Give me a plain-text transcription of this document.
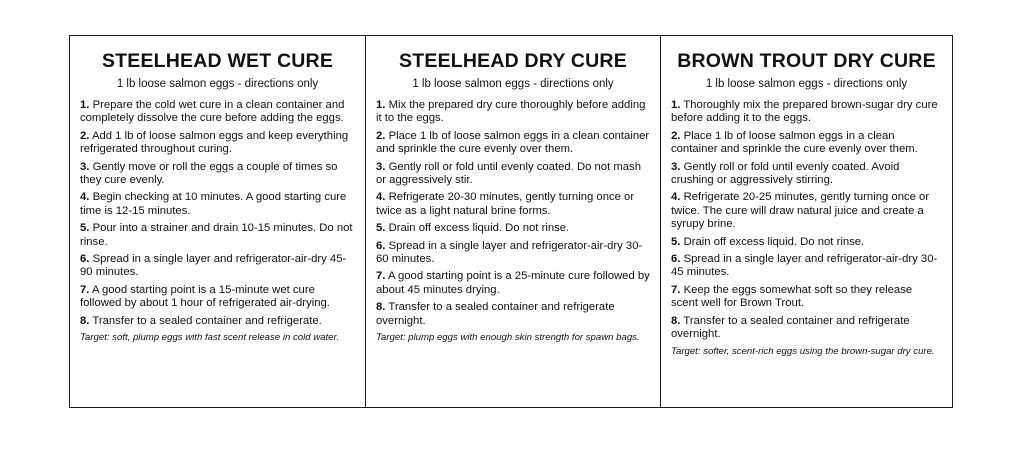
STEELHEAD WET CURE
1 lb loose salmon eggs - directions only
1. Prepare the cold wet cure in a clean container and completely dissolve the cure before adding the eggs.
2. Add 1 lb of loose salmon eggs and keep everything refrigerated throughout curing.
3. Gently move or roll the eggs a couple of times so they cure evenly.
4. Begin checking at 10 minutes. A good starting cure time is 12-15 minutes.
5. Pour into a strainer and drain 10-15 minutes. Do not rinse.
6. Spread in a single layer and refrigerator-air-dry 45-90 minutes.
7. A good starting point is a 15-minute wet cure followed by about 1 hour of refrigerated air-drying.
8. Transfer to a sealed container and refrigerate.
Target: soft, plump eggs with fast scent release in cold water.
STEELHEAD DRY CURE
1 lb loose salmon eggs - directions only
1. Mix the prepared dry cure thoroughly before adding it to the eggs.
2. Place 1 lb of loose salmon eggs in a clean container and sprinkle the cure evenly over them.
3. Gently roll or fold until evenly coated. Do not mash or aggressively stir.
4. Refrigerate 20-30 minutes, gently turning once or twice as a light natural brine forms.
5. Drain off excess liquid. Do not rinse.
6. Spread in a single layer and refrigerator-air-dry 30-60 minutes.
7. A good starting point is a 25-minute cure followed by about 45 minutes drying.
8. Transfer to a sealed container and refrigerate overnight.
Target: plump eggs with enough skin strength for spawn bags.
BROWN TROUT DRY CURE
1 lb loose salmon eggs - directions only
1. Thoroughly mix the prepared brown-sugar dry cure before adding it to the eggs.
2. Place 1 lb of loose salmon eggs in a clean container and sprinkle the cure evenly over them.
3. Gently roll or fold until evenly coated. Avoid crushing or aggressively stirring.
4. Refrigerate 20-25 minutes, gently turning once or twice. The cure will draw natural juice and create a syrupy brine.
5. Drain off excess liquid. Do not rinse.
6. Spread in a single layer and refrigerator-air-dry 30-45 minutes.
7. Keep the eggs somewhat soft so they release scent well for Brown Trout.
8. Transfer to a sealed container and refrigerate overnight.
Target: softer, scent-rich eggs using the brown-sugar dry cure.
